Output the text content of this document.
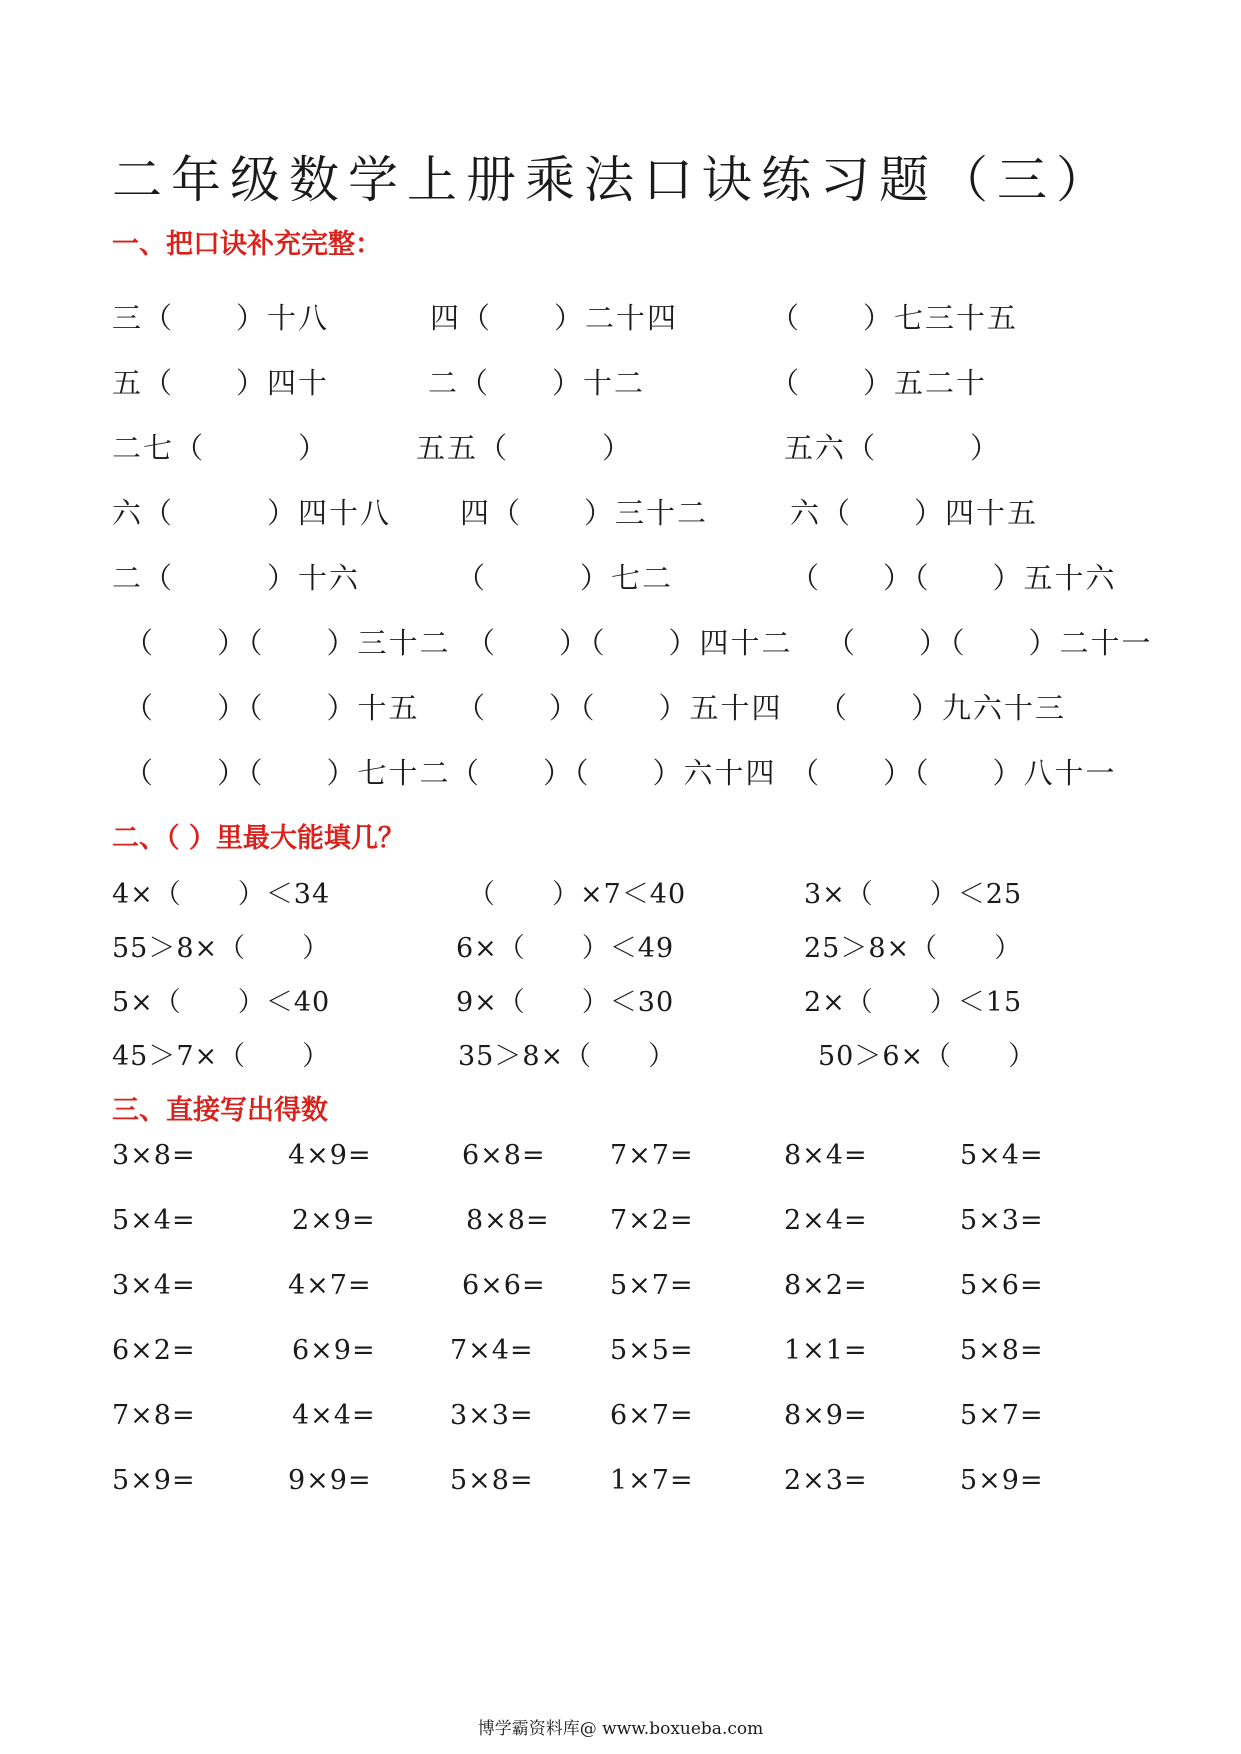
二年级数学上册乘法口诀练习题（三）
一、把口诀补充完整：
三（　　）十八	四（　　）二十四	（　　）七三十五
五（　　）四十	二（　　）十二	（　　）五二十
二七（　　　）	五五（　　　）	五六（　　　）
六（　　　）四十八 四（　　）三十二	六（　　）四十五
二（　　　）十六	（　　　）七二	（　　）（　　）五十六
（　　）（　　）三十二 （　　）（　　）四十二 （　　）（　　）二十一
（　　）（　　）十五 （　　）（　　）五十四 （　　）九六十三
（　　）（　　）七十二 （　　）（　　）六十四 （　　）（　　）八十一
二、（ ）里最大能填几？
4×（　　）＜34	（　　）×7＜40	3×（　　）＜25
55＞8×（　　）	6×（　　）＜49	25＞8×（　　）
5×（　　）＜40	9×（　　）＜30	2×（　　）＜15
45＞7×（　　）	35＞8×（　　）	50＞6×（　　）
三、直接写出得数
3×8=	4×9=	6×8= 7×7=	8×4=	5×4=
5×4=	2×9=	8×8= 7×2=	2×4=	5×3=
3×4=	4×7=	6×6= 5×7=	8×2=	5×6=
6×2=	6×9=	7×4=	5×5=	1×1=	5×8=
7×8=	4×4=	3×3=	6×7=	8×9=	5×7=
5×9=	9×9=	5×8=	1×7=	2×3=	5×9=
博学霸资料库@ www.boxueba.com
